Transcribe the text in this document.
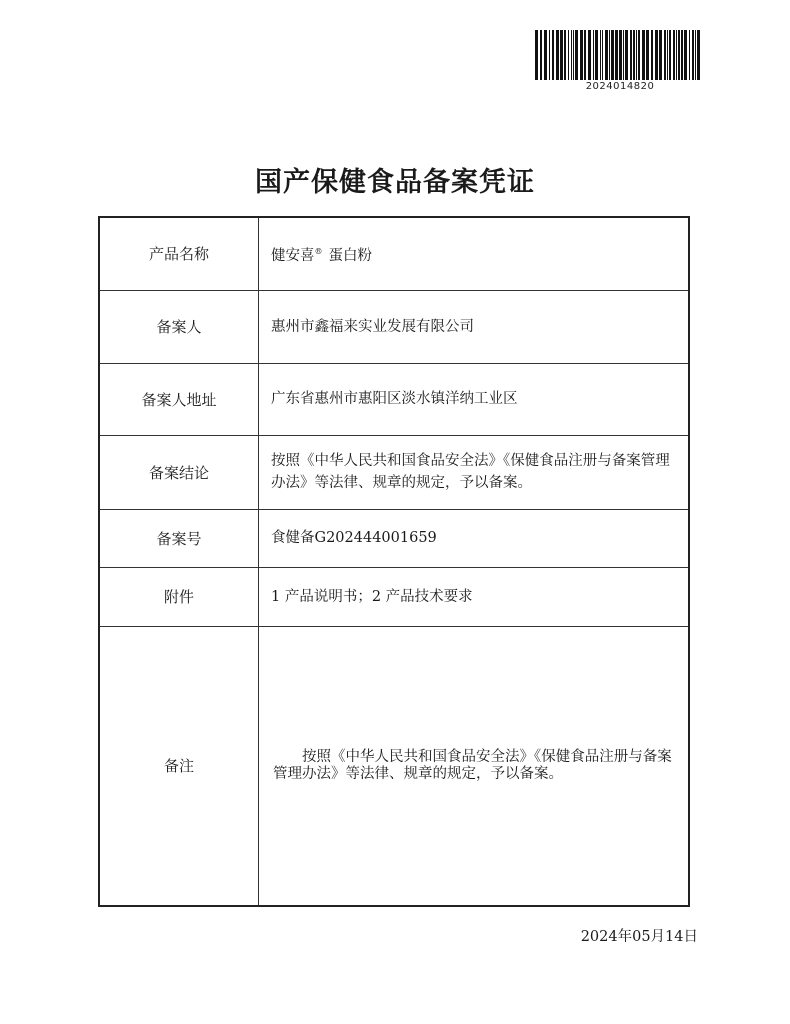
2024014820
国产保健食品备案凭证
产品名称	健安喜® 蛋白粉
备案人	惠州市鑫福来实业发展有限公司
备案人地址	广东省惠州市惠阳区淡水镇洋纳工业区
备案结论	按照《中华人民共和国食品安全法》《保健食品注册与备案管理办法》等法律、规章的规定，予以备案。
备案号	食健备G202444001659
附件	1 产品说明书；2 产品技术要求
备注	按照《中华人民共和国食品安全法》《保健食品注册与备案管理办法》等法律、规章的规定，予以备案。

2024年05月14日
